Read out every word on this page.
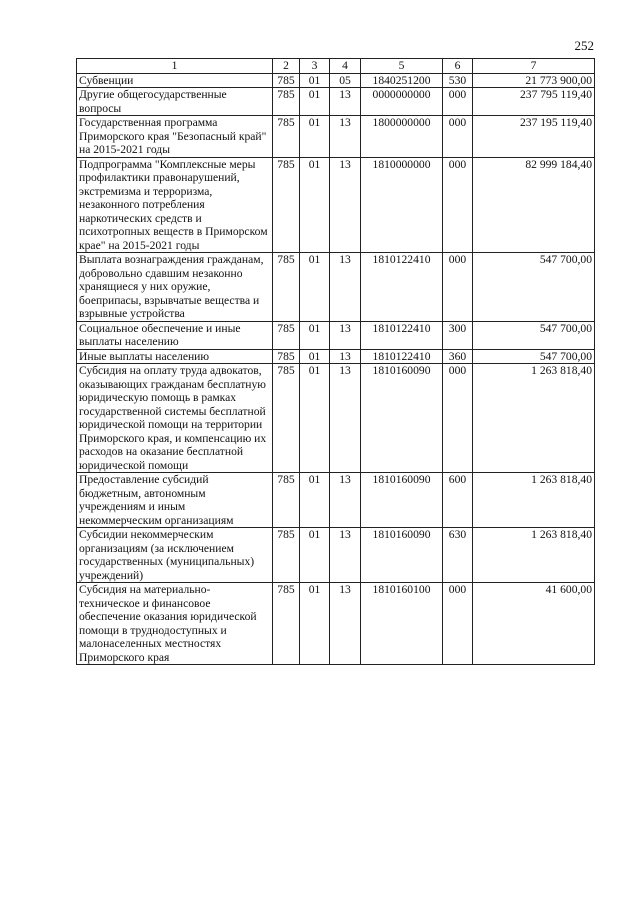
252
1	2	3	4	5	6	7
Субвенции	785	01	05	1840251200	530	21 773 900,00
Другие общегосударственные вопросы	785	01	13	0000000000	000	237 795 119,40
Государственная программа Приморского края "Безопасный край" на 2015-2021 годы	785	01	13	1800000000	000	237 195 119,40
Подпрограмма "Комплексные меры профилактики правонарушений, экстремизма и терроризма, незаконного потребления наркотических средств и психотропных веществ в Приморском крае" на 2015-2021 годы	785	01	13	1810000000	000	82 999 184,40
Выплата вознаграждения гражданам, добровольно сдавшим незаконно хранящиеся у них оружие, боеприпасы, взрывчатые вещества и взрывные устройства	785	01	13	1810122410	000	547 700,00
Социальное обеспечение и иные выплаты населению	785	01	13	1810122410	300	547 700,00
Иные выплаты населению	785	01	13	1810122410	360	547 700,00
Субсидия на оплату труда адвокатов, оказывающих гражданам бесплатную юридическую помощь в рамках государственной системы бесплатной юридической помощи на территории Приморского края, и компенсацию их расходов на оказание бесплатной юридической помощи	785	01	13	1810160090	000	1 263 818,40
Предоставление субсидий бюджетным, автономным учреждениям и иным некоммерческим организациям	785	01	13	1810160090	600	1 263 818,40
Субсидии некоммерческим организациям (за исключением государственных (муниципальных) учреждений)	785	01	13	1810160090	630	1 263 818,40
Субсидия на материально-техническое и финансовое обеспечение оказания юридической помощи в труднодоступных и малонаселенных местностях Приморского края	785	01	13	1810160100	000	41 600,00
